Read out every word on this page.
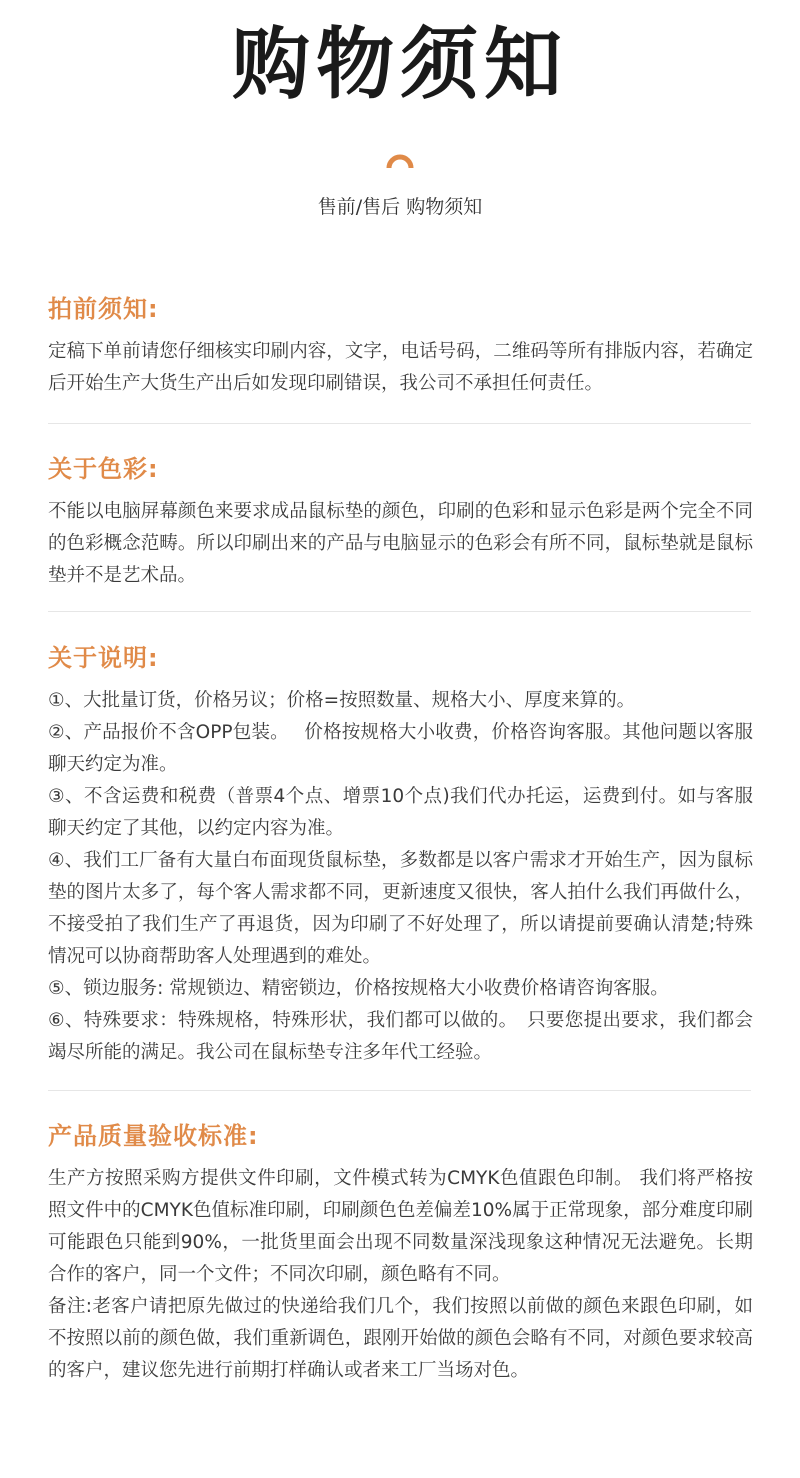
购物须知
售前/售后 购物须知
拍前须知:

定稿下单前请您仔细核实印刷内容，文字，电话号码，二维码等所有排版内容，若确定后开始生产大货生产出后如发现印刷错误，我公司不承担任何责任。

关于色彩:

不能以电脑屏幕颜色来要求成品鼠标垫的颜色，印刷的色彩和显示色彩是两个完全不同的色彩概念范畴。所以印刷出来的产品与电脑显示的色彩会有所不同，鼠标垫就是鼠标垫并不是艺术品。

关于说明:

①、大批量订货，价格另议；价格=按照数量、规格大小、厚度来算的。

②、产品报价不含OPP包装。　 价格按规格大小收费，价格咨询客服。其他问题以客服聊天约定为准。

③、不含运费和税费（普票4个点、增票10个点)我们代办托运，运费到付。如与客服聊天约定了其他，以约定内容为准。

④、我们工厂备有大量白布面现货鼠标垫，多数都是以客户需求才开始生产，因为鼠标垫的图片太多了，每个客人需求都不同，更新速度又很快，客人拍什么我们再做什么，不接受拍了我们生产了再退货，因为印刷了不好处理了，所以请提前要确认清楚;特殊情况可以协商帮助客人处理遇到的难处。

⑤、锁边服务: 常规锁边、精密锁边，价格按规格大小收费价格请咨询客服。

⑥、特殊要求：特殊规格，特殊形状，我们都可以做的。　只要您提出要求，我们都会竭尽所能的满足。我公司在鼠标垫专注多年代工经验。

产品质量验收标准:

生产方按照采购方提供文件印刷，文件模式转为CMYK色值跟色印制。 我们将严格按照文件中的CMYK色值标准印刷，印刷颜色色差偏差10%属于正常现象，部分难度印刷可能跟色只能到90%，一批货里面会出现不同数量深浅现象这种情况无法避免。长期合作的客户，同一个文件；不同次印刷，颜色略有不同。

备注:老客户请把原先做过的快递给我们几个，我们按照以前做的颜色来跟色印刷，如不按照以前的颜色做，我们重新调色，跟刚开始做的颜色会略有不同，对颜色要求较高的客户，建议您先进行前期打样确认或者来工厂当场对色。
